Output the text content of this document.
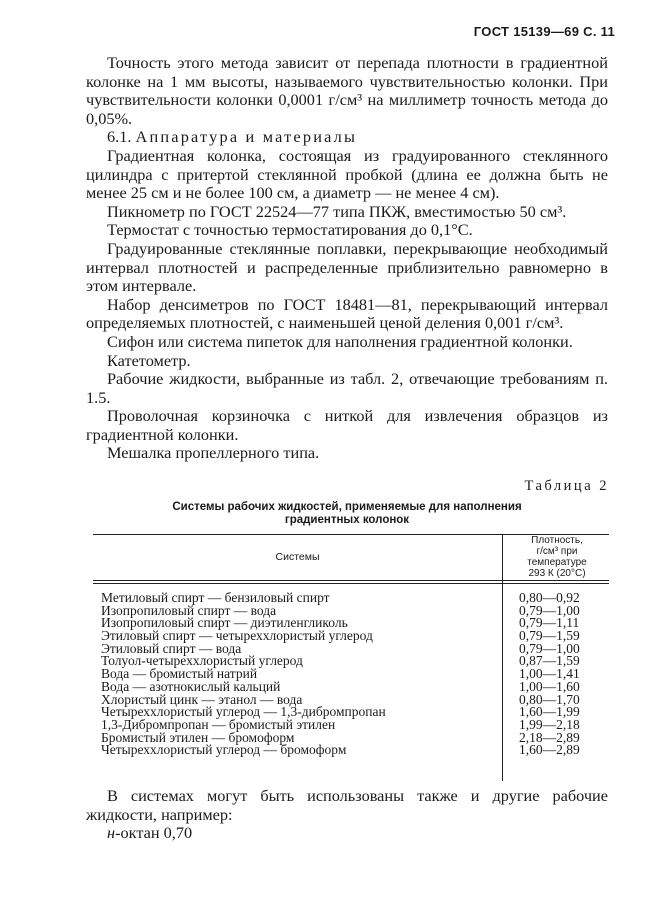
ГОСТ 15139—69 С. 11

Точность этого метода зависит от перепада плотности в градиентной колонке на 1 мм высоты, называемого чувствительностью колонки. При чувствительности колонки 0,0001 г/см³ на миллиметр точность метода до 0,05%.

6.1. Аппаратура и материалы

Градиентная колонка, состоящая из градуированного стеклянного цилиндра с притертой стеклянной пробкой (длина ее должна быть не менее 25 см и не более 100 см, а диаметр — не менее 4 см).

Пикнометр по ГОСТ 22524—77 типа ПКЖ, вместимостью 50 см³.

Термостат с точностью термостатирования до 0,1°С.

Градуированные стеклянные поплавки, перекрывающие необходимый интервал плотностей и распределенные приблизительно равномерно в этом интервале.

Набор денсиметров по ГОСТ 18481—81, перекрывающий интервал определяемых плотностей, с наименьшей ценой деления 0,001 г/см³.

Сифон или система пипеток для наполнения градиентной колонки.

Катетометр.

Рабочие жидкости, выбранные из табл. 2, отвечающие требованиям п. 1.5.

Проволочная корзиночка с ниткой для извлечения образцов из градиентной колонки.

Мешалка пропеллерного типа.

Таблица 2
Системы рабочих жидкостей, применяемые для наполнения
градиентных колонок
Системы
Плотность,
г/см³ при
температуре
293 К (20°С)
Метиловый спирт — бензиловый спирт	0,80—0,92
Изопропиловый спирт — вода	0,79—1,00
Изопропиловый спирт — диэтиленгликоль	0,79—1,11
Этиловый спирт — четыреххлористый углерод	0,79—1,59
Этиловый спирт — вода	0,79—1,00
Толуол-четыреххлористый углерод	0,87—1,59
Вода — бромистый натрий	1,00—1,41
Вода — азотнокислый кальций	1,00—1,60
Хлористый цинк — этанол — вода	0,80—1,70
Четыреххлористый углерод — 1,3-дибромпропан	1,60—1,99
1,3-Дибромпропан — бромистый этилен	1,99—2,18
Бромистый этилен — бромоформ	2,18—2,89
Четыреххлористый углерод — бромоформ	1,60—2,89

В системах могут быть использованы также и другие рабочие жидкости, например:

н-октан 0,70
